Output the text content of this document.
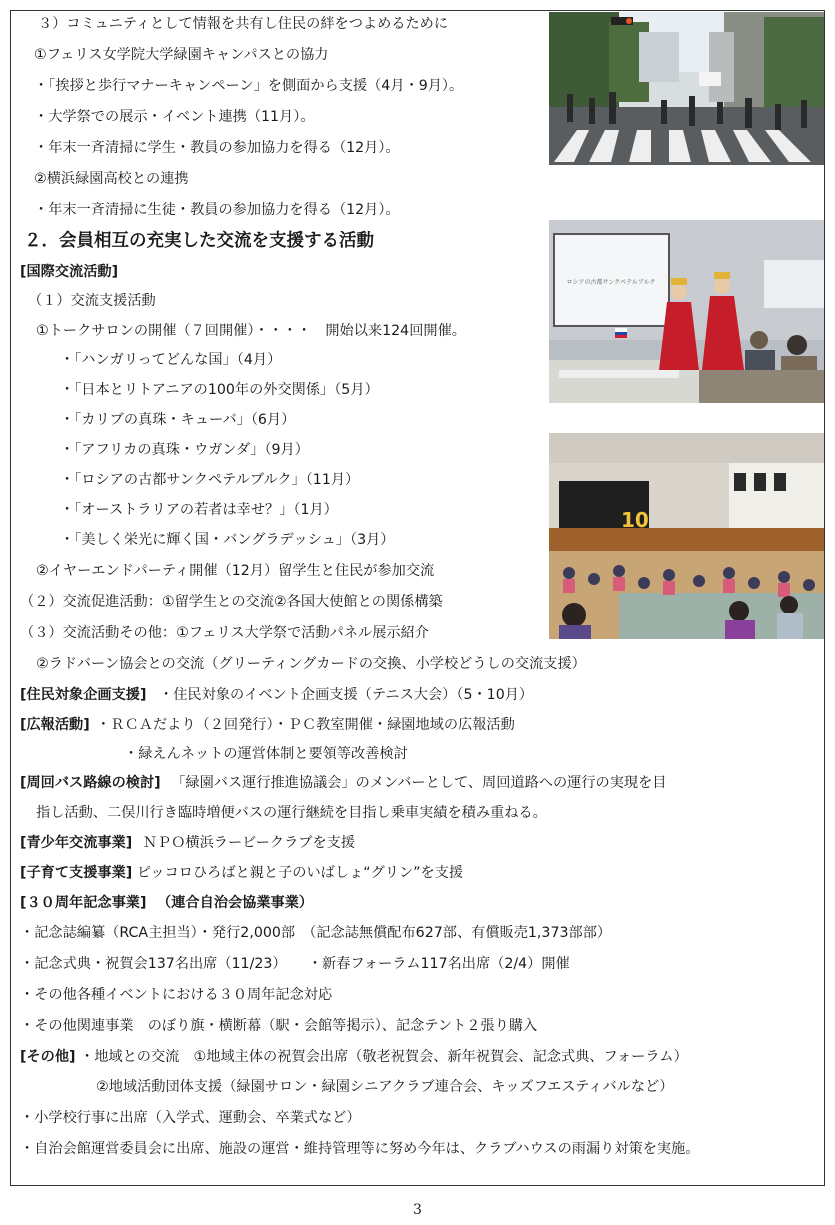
ロシアの古都サンクペテルブルク
10
３）コミュニティとして情報を共有し住民の絆をつよめるために
①フェリス女学院大学緑園キャンパスとの協力
・「挨拶と歩行マナーキャンペーン」を側面から支援（4月・9月）。
・大学祭での展示・イベント連携（11月）。
・年末一斉清掃に学生・教員の参加協力を得る（12月）。
②横浜緑園高校との連携
・年末一斉清掃に生徒・教員の参加協力を得る（12月）。
２．会員相互の充実した交流を支援する活動
[国際交流活動]
（１）交流支援活動
①トークサロンの開催（７回開催）・・・・　開始以来124回開催。
・「ハンガリってどんな国」（4月）
・「日本とリトアニアの100年の外交関係」（5月）
・「カリブの真珠・キューバ」（6月）
・「アフリカの真珠・ウガンダ」（9月）
・「ロシアの古都サンクペテルブルク」（11月）
・「オーストラリアの若者は幸せ？」（1月）
・「美しく栄光に輝く国・バングラデッシュ」（3月）
②イヤーエンドパーティ開催（12月）留学生と住民が参加交流
（２）交流促進活動：①留学生との交流②各国大使館との関係構築
（３）交流活動その他：①フェリス大学祭で活動パネル展示紹介
②ラドバーン協会との交流（グリーティングカードの交換、小学校どうしの交流支援）
[住民対象企画支援] ・住民対象のイベント企画支援（テニス大会）（5・10月）
[広報活動] ・ＲＣＡだより（２回発行）・ＰＣ教室開催・緑園地域の広報活動
・緑えんネットの運営体制と要領等改善検討
[周回バス路線の検討] 「緑園バス運行推進協議会」のメンバーとして、周回道路への運行の実現を目
指し活動、二俣川行き臨時増便バスの運行継続を目指し乗車実績を積み重ねる。
[青少年交流事業] ＮＰＯ横浜ラービークラブを支援
[子育て支援事業] ピッコロひろばと親と子のいばしょ“グリン”を支援
[３０周年記念事業] （連合自治会協業事業）
・記念誌編纂（RCA主担当）・発行2,000部　（記念誌無償配布627部、有償販売1,373部部）
・記念式典・祝賀会137名出席（11/23）　　・新春フォーラム117名出席（2/4）開催
・その他各種イベントにおける３０周年記念対応
・その他関連事業　のぼり旗・横断幕（駅・会館等掲示）、記念テント２張り購入
[その他] ・地域との交流　①地域主体の祝賀会出席（敬老祝賀会、新年祝賀会、記念式典、フォーラム）
②地域活動団体支援（緑園サロン・緑園シニアクラブ連合会、キッズフエスティバルなど）
・小学校行事に出席（入学式、運動会、卒業式など）
・自治会館運営委員会に出席、施設の運営・維持管理等に努め今年は、クラブハウスの雨漏り対策を実施。
3
